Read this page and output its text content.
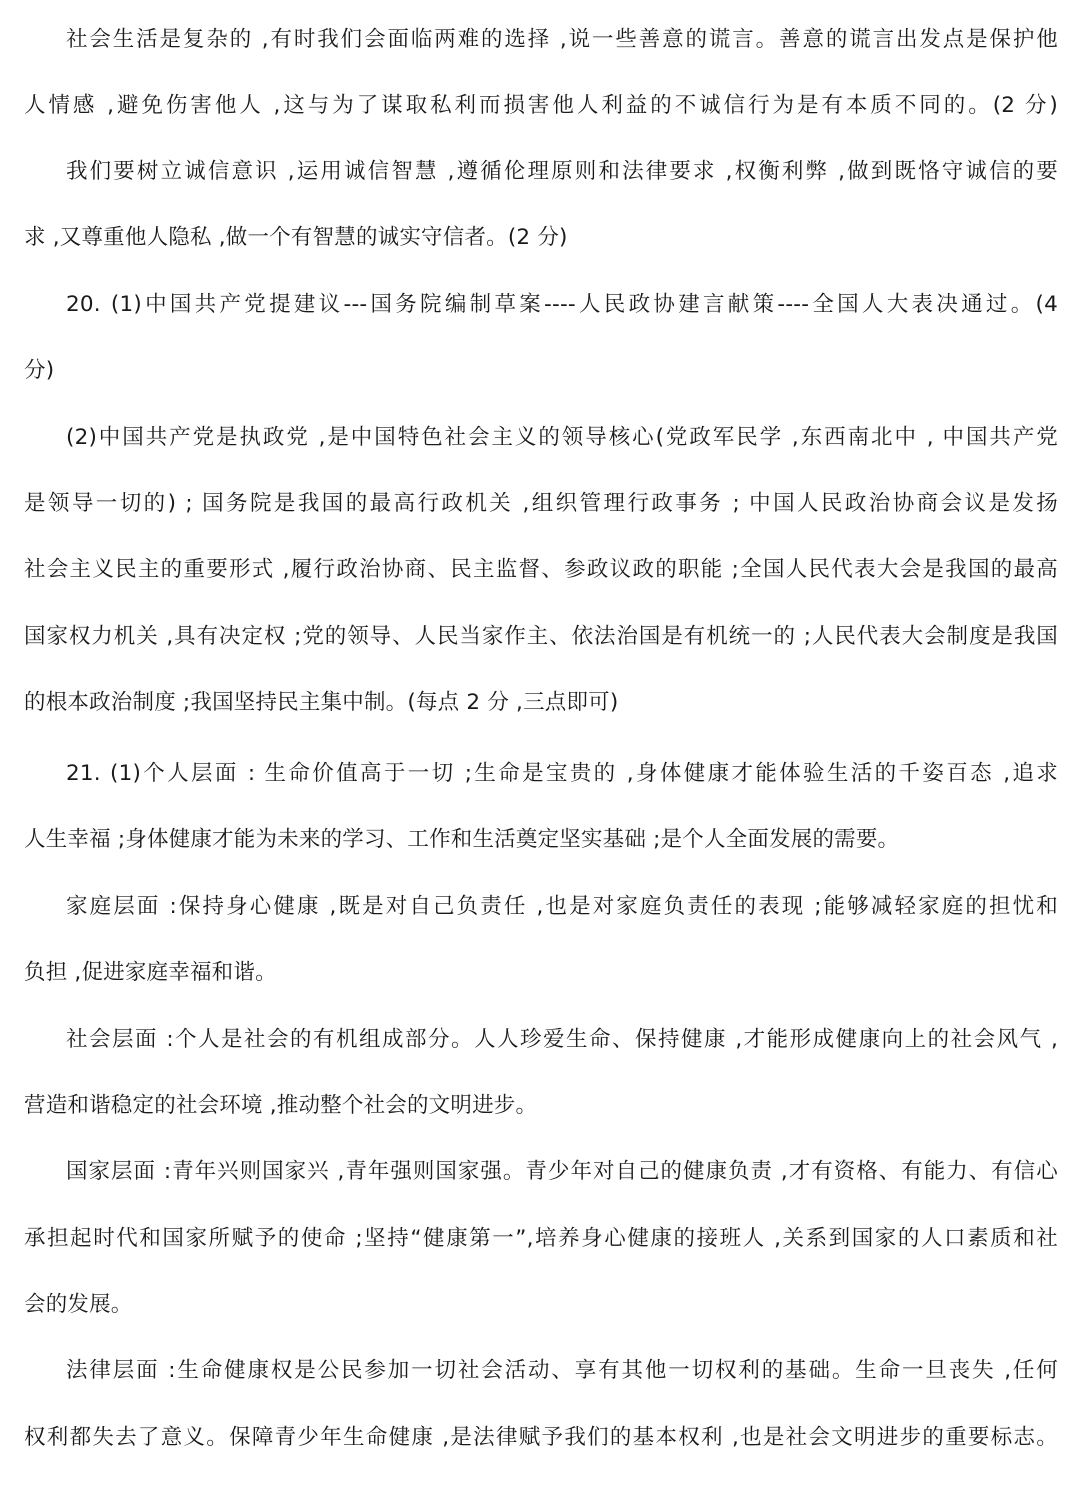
社会生活是复杂的 ,有时我们会面临两难的选择 ,说一些善意的谎言。善意的谎言出发点是保护他
人情感 ,避免伤害他人 ,这与为了谋取私利而损害他人利益的不诚信行为是有本质不同的。(2 分)
我们要树立诚信意识 ,运用诚信智慧 ,遵循伦理原则和法律要求 ,权衡利弊 ,做到既恪守诚信的要
求 ,又尊重他人隐私 ,做一个有智慧的诚实守信者。(2 分)
20. (1)中国共产党提建议---国务院编制草案----人民政协建言献策----全国人大表决通过。(4
分)
(2)中国共产党是执政党 ,是中国特色社会主义的领导核心(党政军民学 ,东西南北中 , 中国共产党
是领导一切的) ; 国务院是我国的最高行政机关 ,组织管理行政事务 ; 中国人民政治协商会议是发扬
社会主义民主的重要形式 ,履行政治协商、民主监督、参政议政的职能 ;全国人民代表大会是我国的最高
国家权力机关 ,具有决定权 ;党的领导、人民当家作主、依法治国是有机统一的 ;人民代表大会制度是我国
的根本政治制度 ;我国坚持民主集中制。(每点 2 分 ,三点即可)
21. (1)个人层面 : 生命价值高于一切 ;生命是宝贵的 ,身体健康才能体验生活的千姿百态 ,追求
人生幸福 ;身体健康才能为未来的学习、工作和生活奠定坚实基础 ;是个人全面发展的需要。
家庭层面 :保持身心健康 ,既是对自己负责任 ,也是对家庭负责任的表现 ;能够减轻家庭的担忧和
负担 ,促进家庭幸福和谐。
社会层面 :个人是社会的有机组成部分。人人珍爱生命、保持健康 ,才能形成健康向上的社会风气 ,
营造和谐稳定的社会环境 ,推动整个社会的文明进步。
国家层面 :青年兴则国家兴 ,青年强则国家强。青少年对自己的健康负责 ,才有资格、有能力、有信心
承担起时代和国家所赋予的使命 ;坚持“健康第一”,培养身心健康的接班人 ,关系到国家的人口素质和社
会的发展。
法律层面 :生命健康权是公民参加一切社会活动、享有其他一切权利的基础。生命一旦丧失 ,任何
权利都失去了意义。保障青少年生命健康 ,是法律赋予我们的基本权利 ,也是社会文明进步的重要标志。
